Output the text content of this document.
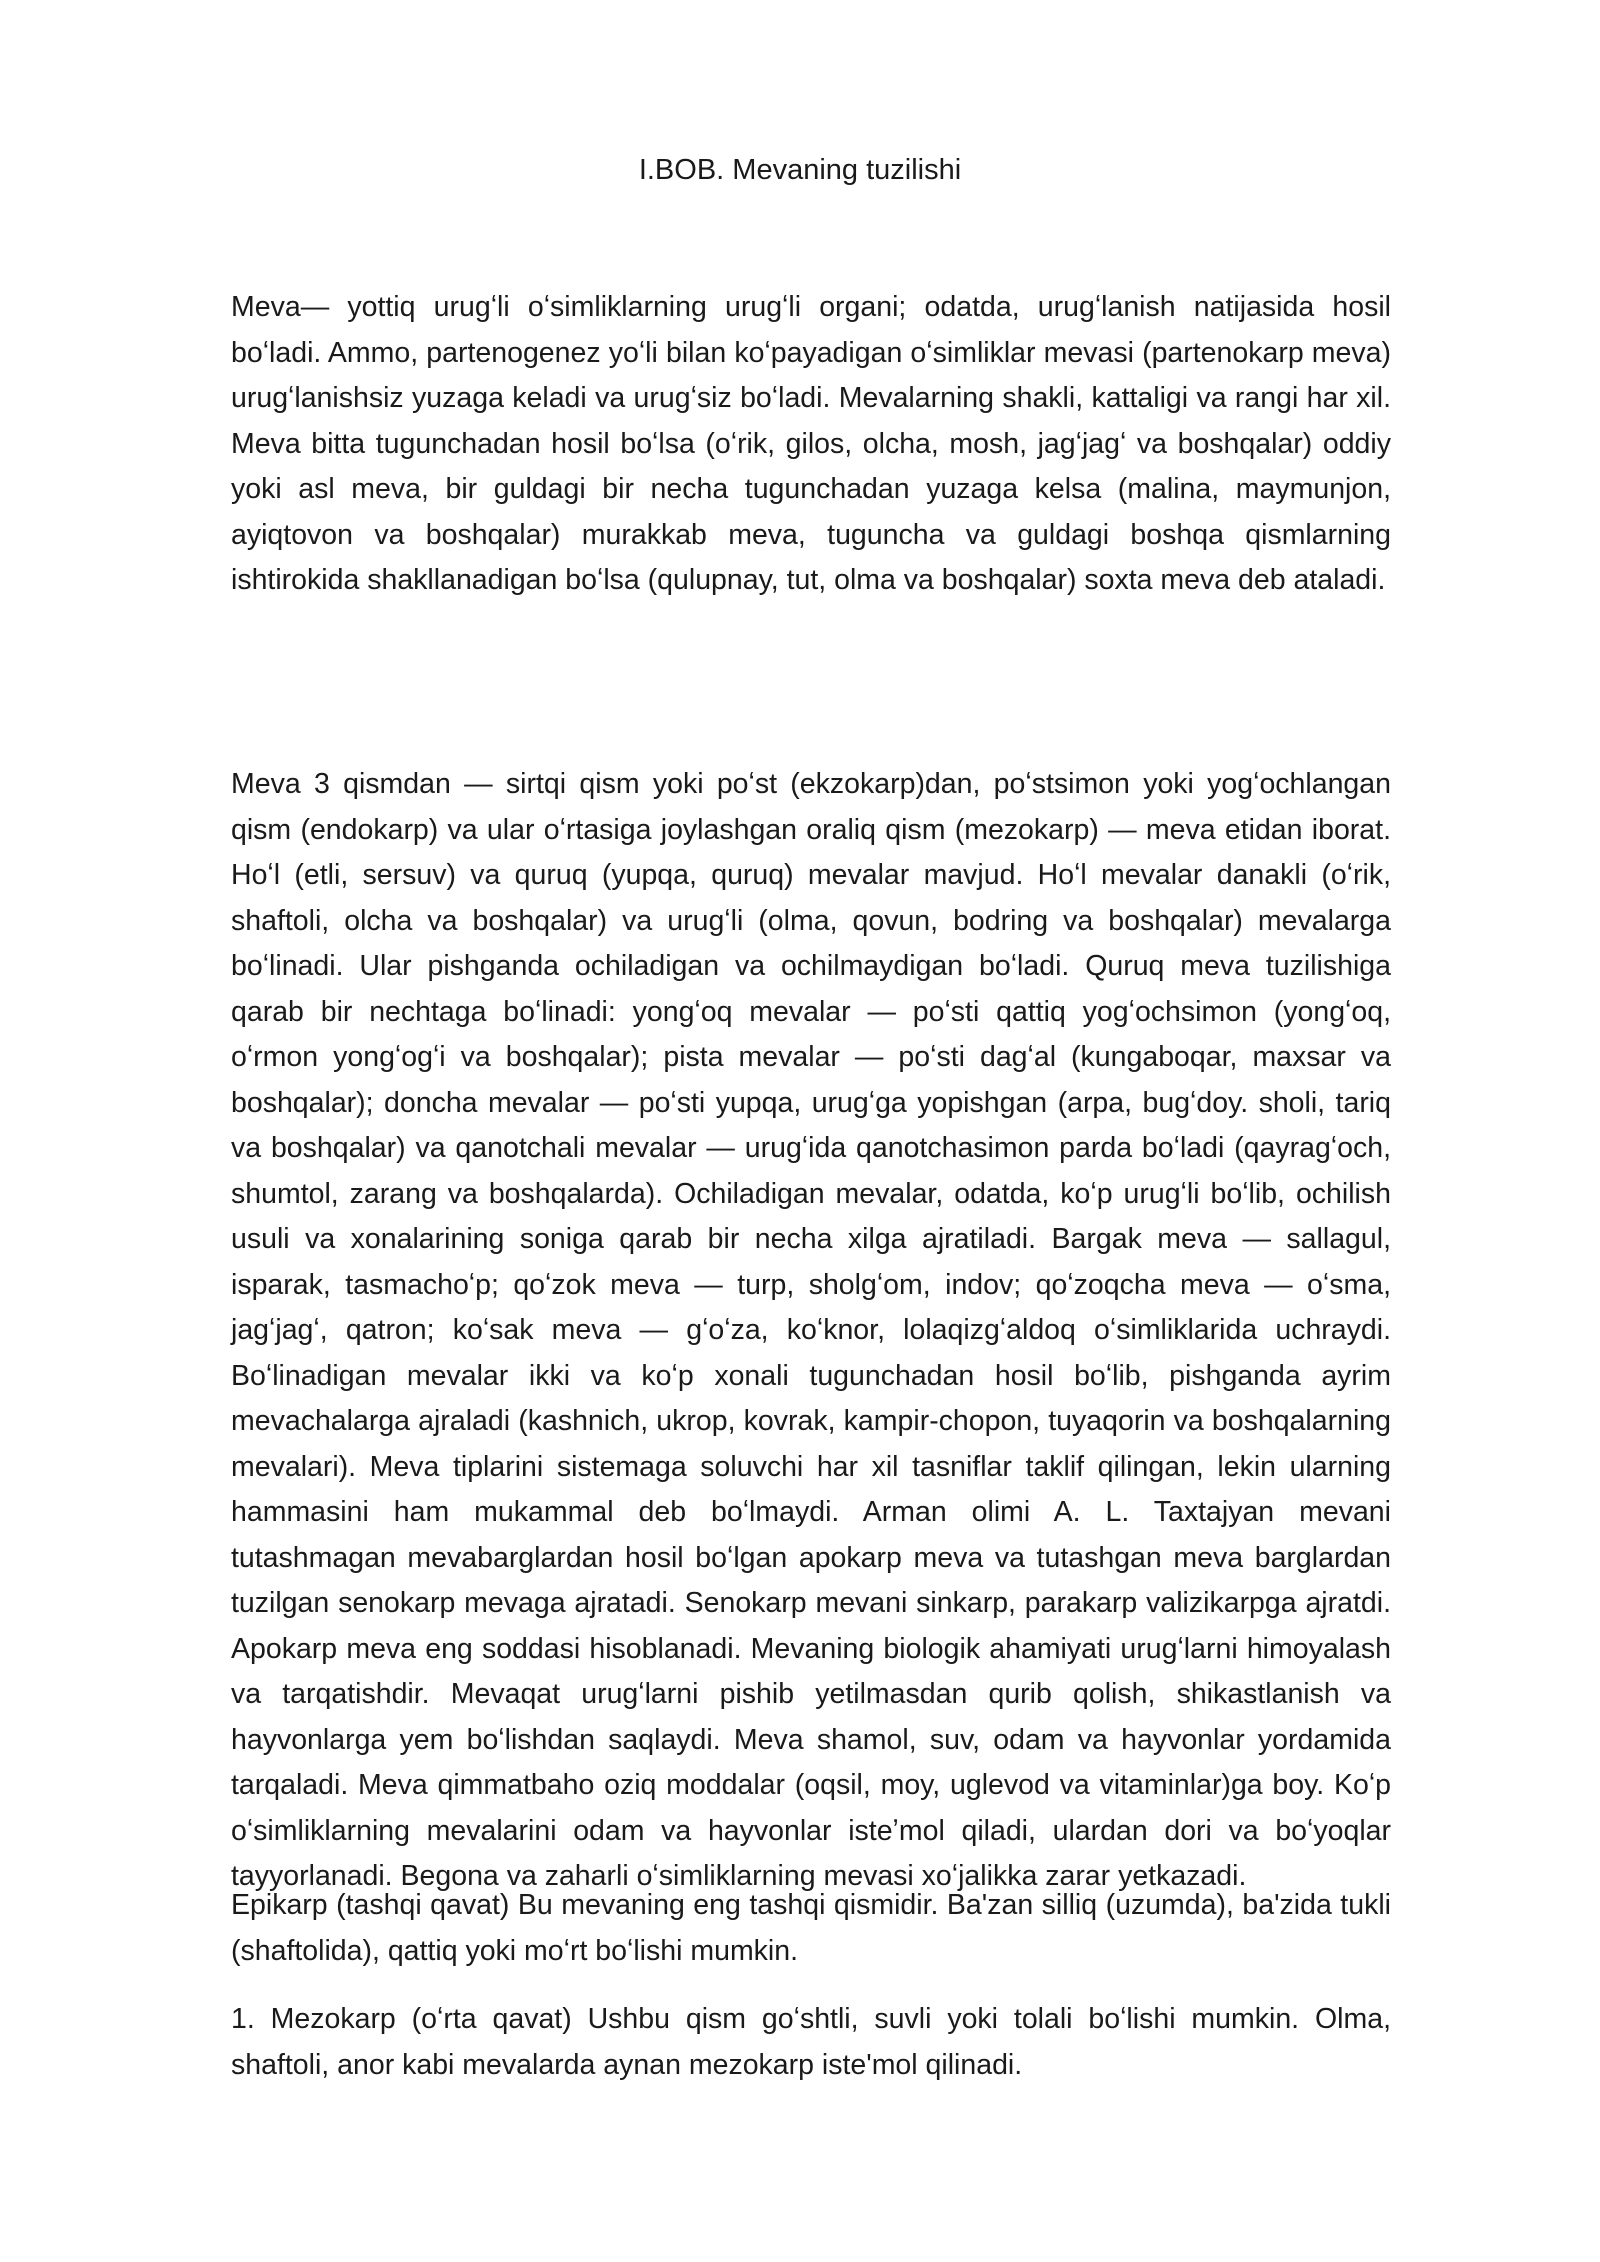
I.BOB. Mevaning tuzilishi

Meva— yottiq urugʻli oʻsimliklarning urugʻli organi; odatda, urugʻlanish natijasida hosil boʻladi. Ammo, partenogenez yoʻli bilan koʻpayadigan oʻsimliklar mevasi (partenokarp meva) urugʻlanishsiz yuzaga keladi va urugʻsiz boʻladi. Mevalarning shakli, kattaligi va rangi har xil. Meva bitta tugunchadan hosil boʻlsa (oʻrik, gilos, olcha, mosh, jagʻjagʻ va boshqalar) oddiy yoki asl meva, bir guldagi bir necha tugunchadan yuzaga kelsa (malina, maymunjon, ayiqtovon va boshqalar) murakkab meva, tuguncha va guldagi boshqa qismlarning ishtirokida shakllanadigan boʻlsa (qulupnay, tut, olma va boshqalar) soxta meva deb ataladi.

Meva 3 qismdan — sirtqi qism yoki poʻst (ekzokarp)dan, poʻstsimon yoki yogʻochlangan qism (endokarp) va ular oʻrtasiga joylashgan oraliq qism (mezokarp) — meva etidan iborat. Hoʻl (etli, sersuv) va quruq (yupqa, quruq) mevalar mavjud. Hoʻl mevalar danakli (oʻrik, shaftoli, olcha va boshqalar) va urugʻli (olma, qovun, bodring va boshqalar) mevalarga boʻlinadi. Ular pishganda ochiladigan va ochilmaydigan boʻladi. Quruq meva tuzilishiga qarab bir nechtaga boʻlinadi: yongʻoq mevalar — poʻsti qattiq yogʻochsimon (yongʻoq, oʻrmon yongʻogʻi va boshqalar); pista mevalar — poʻsti dagʻal (kungaboqar, maxsar va boshqalar); doncha mevalar — poʻsti yupqa, urugʻga yopishgan (arpa, bugʻdoy. sholi, tariq va boshqalar) va qanotchali mevalar — urugʻida qanotchasimon parda boʻladi (qayragʻoch, shumtol, zarang va boshqalarda). Ochiladigan mevalar, odatda, koʻp urugʻli boʻlib, ochilish usuli va xonalarining soniga qarab bir necha xilga ajratiladi. Bargak meva — sallagul, isparak, tasmachoʻp; qoʻzok meva — turp, sholgʻom, indov; qoʻzoqcha meva — oʻsma, jagʻjagʻ, qatron; koʻsak meva — gʻoʻza, koʻknor, lolaqizgʻaldoq oʻsimliklarida uchraydi. Boʻlinadigan mevalar ikki va koʻp xonali tugunchadan hosil boʻlib, pishganda ayrim mevachalarga ajraladi (kashnich, ukrop, kovrak, kampir-chopon, tuyaqorin va boshqalarning mevalari). Meva tiplarini sistemaga soluvchi har xil tasniflar taklif qilingan, lekin ularning hammasini ham mukammal deb boʻlmaydi. Arman olimi A. L. Taxtajyan mevani tutashmagan mevabarglardan hosil boʻlgan apokarp meva va tutashgan meva barglardan tuzilgan senokarp mevaga ajratadi. Senokarp mevani sinkarp, parakarp valizikarpga ajratdi. Apokarp meva eng soddasi hisoblanadi. Mevaning biologik ahamiyati urugʻlarni himoyalash va tarqatishdir. Mevaqat urugʻlarni pishib yetilmasdan qurib qolish, shikastlanish va hayvonlarga yem boʻlishdan saqlaydi. Meva shamol, suv, odam va hayvonlar yordamida tarqaladi. Meva qimmatbaho oziq moddalar (oqsil, moy, uglevod va vitaminlar)ga boy. Koʻp oʻsimliklarning mevalarini odam va hayvonlar isteʼmol qiladi, ulardan dori va boʻyoqlar tayyorlanadi. Begona va zaharli oʻsimliklarning mevasi xoʻjalikka zarar yetkazadi.

Epikarp (tashqi qavat) Bu mevaning eng tashqi qismidir. Ba'zan silliq (uzumda), ba'zida tukli (shaftolida), qattiq yoki moʻrt boʻlishi mumkin.

1. Mezokarp (oʻrta qavat) Ushbu qism goʻshtli, suvli yoki tolali boʻlishi mumkin. Olma, shaftoli, anor kabi mevalarda aynan mezokarp iste'mol qilinadi.
